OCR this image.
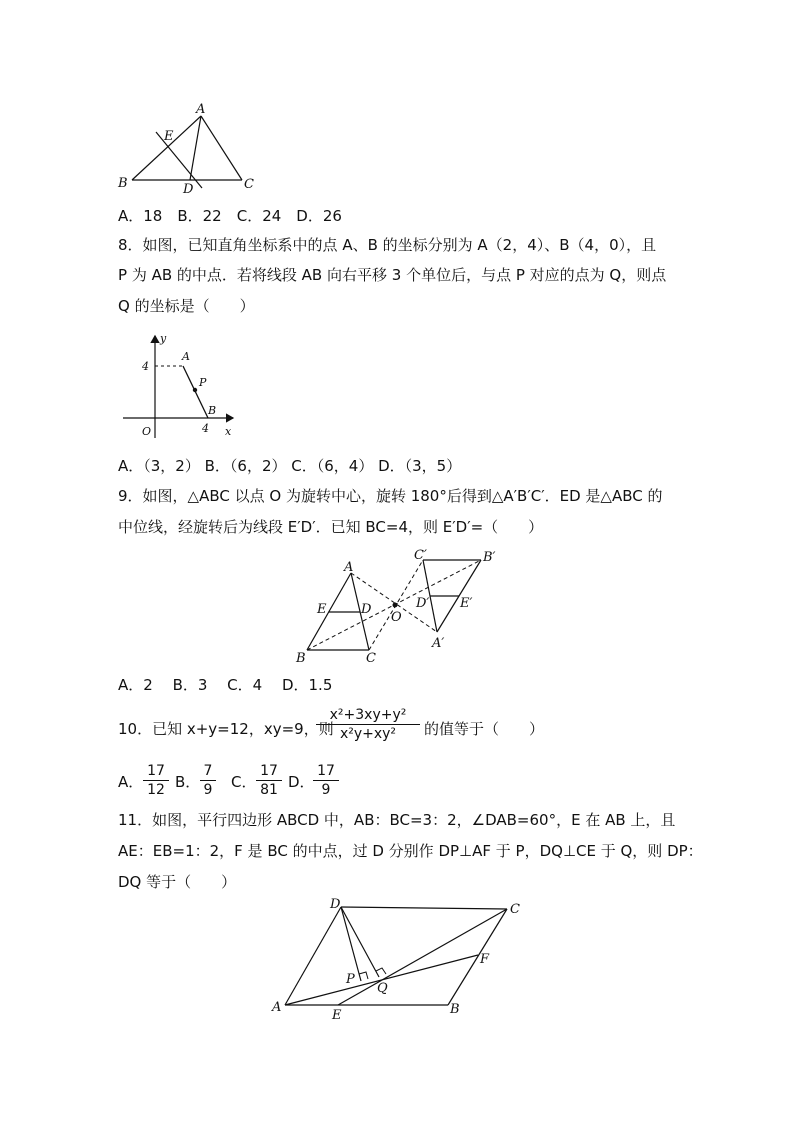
A
B	C
D
E
A．18　B．22　C．24　D．26
8．如图，已知直角坐标系中的点 A、B 的坐标分别为 A（2，4）、B（4，0），且
P 为 AB 的中点．若将线段 AB 向右平移 3 个单位后，与点 P 对应的点为 Q，则点
Q 的坐标是（　　）
y
x
O
4
4
A
P
B
A．（3，2） B．（6，2） C．（6，4） D．（3，5）
9．如图，△ABC 以点 O 为旋转中心，旋转 180°后得到△A′B′C′．ED 是△ABC 的
中位线，经旋转后为线段 E′D′．已知 BC=4，则 E′D′=（　　）
A
B	C
D
E
O
A′
B′
C′
D′ E′
A．2　 B．3　 C．4　 D．1.5
10．已知 x+y=12，xy=9，则
x²+3xy+y²
x²y+xy²	的值等于（　　）
A．
17
12 B．
7
9 C．
17
81 D．
17
9
11．如图，平行四边形 ABCD 中，AB：BC=3：2，∠DAB=60°，E 在 AB 上，且
AE：EB=1：2，F 是 BC 的中点，过 D 分别作 DP⊥AF 于 P，DQ⊥CE 于 Q，则 DP：
DQ 等于（　　）
A	B
C
D
E
F
P
Q
